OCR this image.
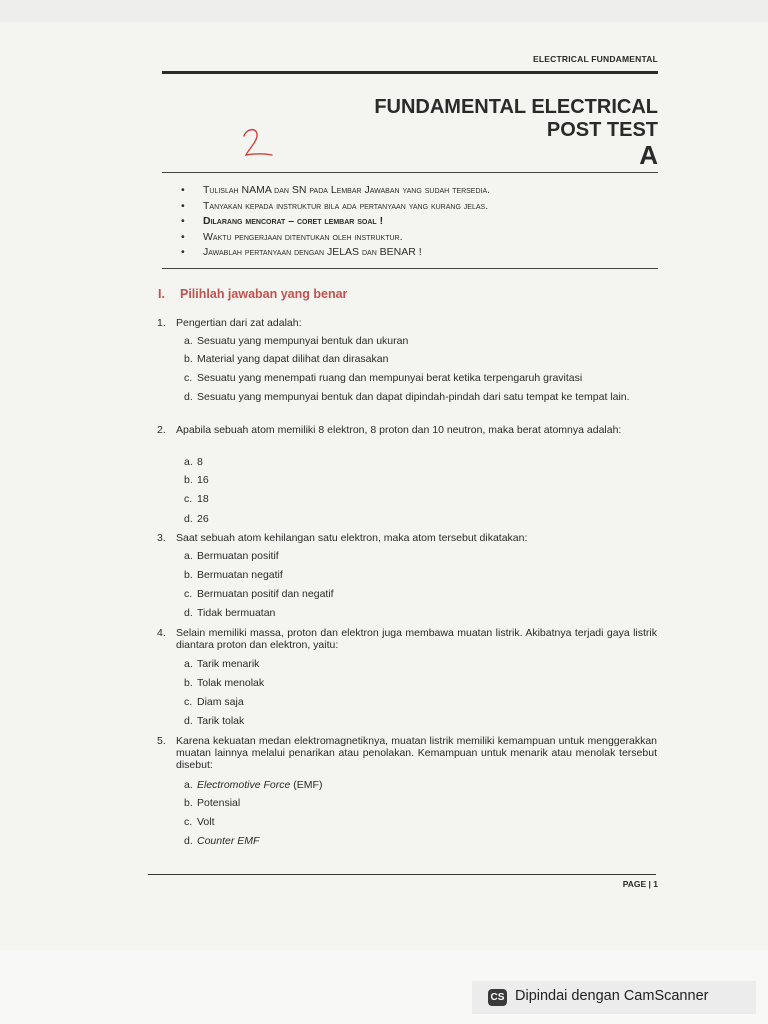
ELECTRICAL FUNDAMENTAL
FUNDAMENTAL ELECTRICAL
POST TEST
A
• Tulislah NAMA dan SN pada Lembar Jawaban yang sudah tersedia.
• Tanyakan kepada instruktur bila ada pertanyaan yang kurang jelas.
• Dilarang mencorat – coret lembar soal !
• Waktu pengerjaan ditentukan oleh instruktur.
• Jawablah pertanyaan dengan JELAS dan BENAR !
I. Pilihlah jawaban yang benar
1. Pengertian dari zat adalah:
a. Sesuatu yang mempunyai bentuk dan ukuran
b. Material yang dapat dilihat dan dirasakan
c. Sesuatu yang menempati ruang dan mempunyai berat ketika terpengaruh gravitasi
d. Sesuatu yang mempunyai bentuk dan dapat dipindah-pindah dari satu tempat ke tempat lain.
2. Apabila sebuah atom memiliki 8 elektron, 8 proton dan 10 neutron, maka berat atomnya adalah:
a. 8
b. 16
c. 18
d. 26
3. Saat sebuah atom kehilangan satu elektron, maka atom tersebut dikatakan:
a. Bermuatan positif
b. Bermuatan negatif
c. Bermuatan positif dan negatif
d. Tidak bermuatan
4. Selain memiliki massa, proton dan elektron juga membawa muatan listrik. Akibatnya terjadi gaya listrik diantara proton dan elektron, yaitu:
a. Tarik menarik
b. Tolak menolak
c. Diam saja
d. Tarik tolak
5. Karena kekuatan medan elektromagnetiknya, muatan listrik memiliki kemampuan untuk menggerakkan muatan lainnya melalui penarikan atau penolakan. Kemampuan untuk menarik atau menolak tersebut disebut:
a. Electromotive Force (EMF)
b. Potensial
c. Volt
d. Counter EMF
PAGE | 1
CS Dipindai dengan CamScanner
